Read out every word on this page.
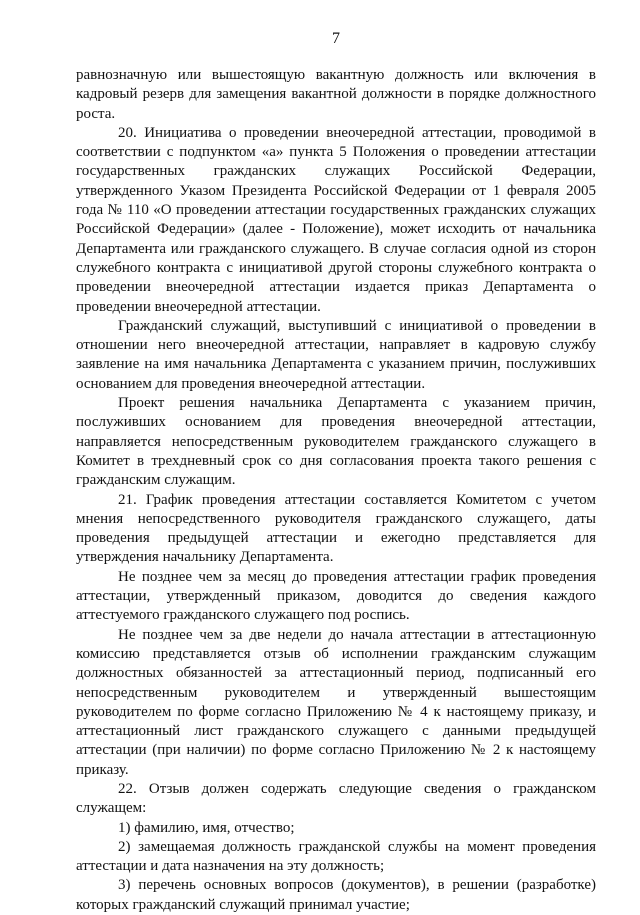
7

равнозначную или вышестоящую вакантную должность или включения в кадровый резерв для замещения вакантной должности в порядке должностного роста.

20. Инициатива о проведении внеочередной аттестации, проводимой в соответствии с подпунктом «а» пункта 5 Положения о проведении аттестации государственных гражданских служащих Российской Федерации, утвержденного Указом Президента Российской Федерации от 1 февраля 2005 года № 110 «О проведении аттестации государственных гражданских служащих Российской Федерации» (далее - Положение), может исходить от начальника Департамента или гражданского служащего. В случае согласия одной из сторон служебного контракта с инициативой другой стороны служебного контракта о проведении внеочередной аттестации издается приказ Департамента о проведении внеочередной аттестации.

Гражданский служащий, выступивший с инициативой о проведении в отношении него внеочередной аттестации, направляет в кадровую службу заявление на имя начальника Департамента с указанием причин, послуживших основанием для проведения внеочередной аттестации.

Проект решения начальника Департамента с указанием причин, послуживших основанием для проведения внеочередной аттестации, направляется непосредственным руководителем гражданского служащего в Комитет в трехдневный срок со дня согласования проекта такого решения с гражданским служащим.

21. График проведения аттестации составляется Комитетом с учетом мнения непосредственного руководителя гражданского служащего, даты проведения предыдущей аттестации и ежегодно представляется для утверждения начальнику Департамента.

Не позднее чем за месяц до проведения аттестации график проведения аттестации, утвержденный приказом, доводится до сведения каждого аттестуемого гражданского служащего под роспись.

Не позднее чем за две недели до начала аттестации в аттестационную комиссию представляется отзыв об исполнении гражданским служащим должностных обязанностей за аттестационный период, подписанный его непосредственным руководителем и утвержденный вышестоящим руководителем по форме согласно Приложению № 4 к настоящему приказу, и аттестационный лист гражданского служащего с данными предыдущей аттестации (при наличии) по форме согласно Приложению № 2 к настоящему приказу.

22. Отзыв должен содержать следующие сведения о гражданском служащем:

1) фамилию, имя, отчество;

2) замещаемая должность гражданской службы на момент проведения аттестации и дата назначения на эту должность;

3) перечень основных вопросов (документов), в решении (разработке) которых гражданский служащий принимал участие;
